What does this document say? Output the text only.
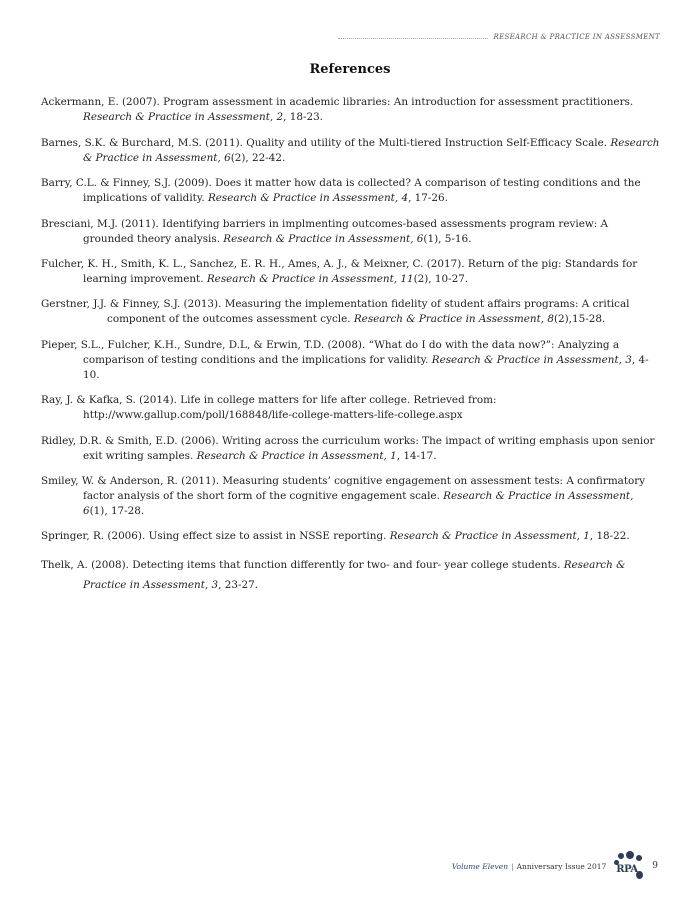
RESEARCH & PRACTICE IN ASSESSMENT
References

Ackermann, E. (2007). Program assessment in academic libraries: An introduction for assessment practitioners. Research & Practice in Assessment, 2, 18-23.

Barnes, S.K. & Burchard, M.S. (2011). Quality and utility of the Multi-tiered Instruction Self-Efficacy Scale. Research & Practice in Assessment, 6(2), 22-42.

Barry, C.L. & Finney, S.J. (2009). Does it matter how data is collected? A comparison of testing conditions and the implications of validity. Research & Practice in Assessment, 4, 17-26.

Bresciani, M.J. (2011). Identifying barriers in implmenting outcomes-based assessments program review: A grounded theory analysis. Research & Practice in Assessment, 6(1), 5-16.

Fulcher, K. H., Smith, K. L., Sanchez, E. R. H., Ames, A. J., & Meixner, C. (2017). Return of the pig: Standards for learning improvement. Research & Practice in Assessment, 11(2), 10-27.

Gerstner, J.J. & Finney, S.J. (2013). Measuring the implementation fidelity of student affairs programs: A critical component of the outcomes assessment cycle. Research & Practice in Assessment, 8(2),15-28.

Pieper, S.L., Fulcher, K.H., Sundre, D.L, & Erwin, T.D. (2008). “What do I do with the data now?”: Analyzing a comparison of testing conditions and the implications for validity. Research & Practice in Assessment, 3, 4-10.

Ray, J. & Kafka, S. (2014). Life in college matters for life after college. Retrieved from: http://www.gallup.com/poll/168848/life-college-matters-life-college.aspx

Ridley, D.R. & Smith, E.D. (2006). Writing across the curriculum works: The impact of writing emphasis upon senior exit writing samples. Research & Practice in Assessment, 1, 14-17.

Smiley, W. & Anderson, R. (2011). Measuring students’ cognitive engagement on assessment tests: A confirmatory factor analysis of the short form of the cognitive engagement scale. Research & Practice in Assessment, 6(1), 17-28.

Springer, R. (2006). Using effect size to assist in NSSE reporting. Research & Practice in Assessment, 1, 18-22.

Thelk, A. (2008). Detecting items that function differently for two- and four- year college students. Research & Practice in Assessment, 3, 23-27.

Volume Eleven | Anniversary Issue 2017 RPA 9
